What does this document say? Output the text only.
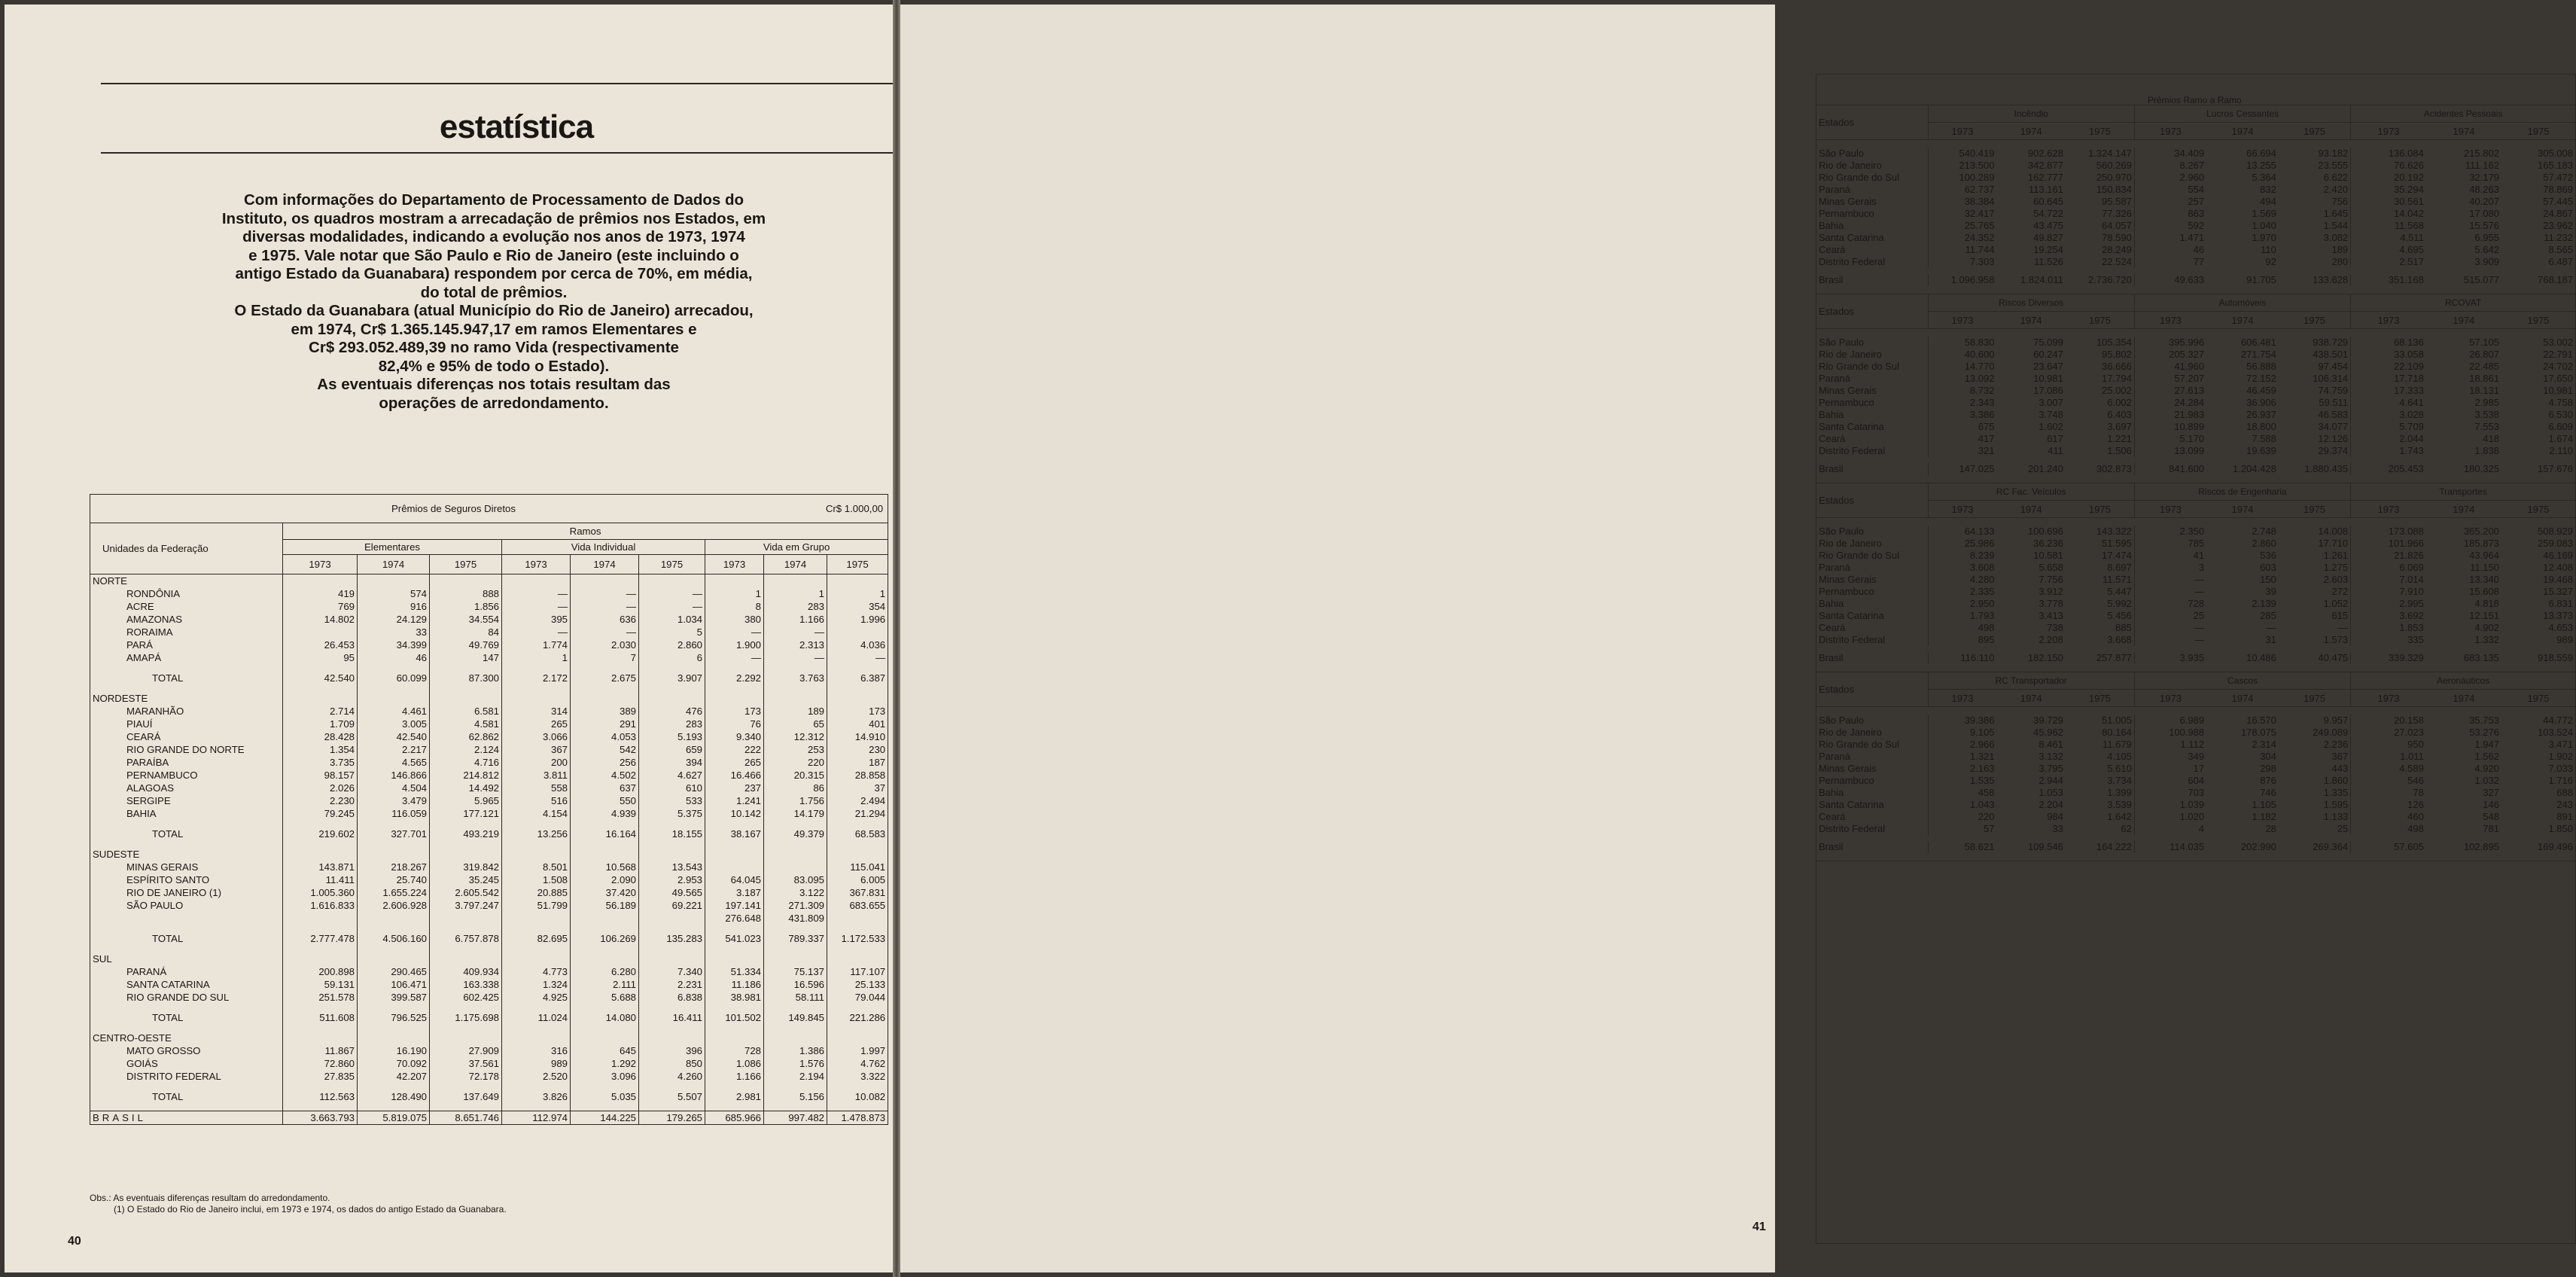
estatística
Com informações do Departamento de Processamento de Dados do
Instituto, os quadros mostram a arrecadação de prêmios nos Estados, em
diversas modalidades, indicando a evolução nos anos de 1973, 1974
e 1975. Vale notar que São Paulo e Rio de Janeiro (este incluindo o
antigo Estado da Guanabara) respondem por cerca de 70%, em média,
do total de prêmios.
O Estado da Guanabara (atual Município do Rio de Janeiro) arrecadou,
em 1974, Cr$ 1.365.145.947,17 em ramos Elementares e
Cr$ 293.052.489,39 no ramo Vida (respectivamente
82,4% e 95% de todo o Estado).
As eventuais diferenças nos totais resultam das
operações de arredondamento.
Prêmios de Seguros Diretos Cr$ 1.000,00									

Unidades da Federação	Ramos								
	Elementares			Vida Individual			Vida em Grupo		
	1973	1974	1975	1973	1974	1975	1973	1974	1975
NORTE									
RONDÔNIA	419	574	888	—	—	—	1	1	1
ACRE	769	916	1.856	—	—	—	8	283	354
AMAZONAS	14.802	24.129	34.554	395	636	1.034	380	1.166	1.996
RORAIMA		33	84	—	—	5	—	—	
PARÁ	26.453	34.399	49.769	1.774	2.030	2.860	1.900	2.313	4.036
AMAPÁ	95	46	147	1	7	6	—	—	—

TOTAL	42.540	60.099	87.300	2.172	2.675	3.907	2.292	3.763	6.387

NORDESTE									
MARANHÃO	2.714	4.461	6.581	314	389	476	173	189	173
PIAUÍ	1.709	3.005	4.581	265	291	283	76	65	401
CEARÁ	28.428	42.540	62.862	3.066	4.053	5.193	9.340	12.312	14.910
RIO GRANDE DO NORTE	1.354	2.217	2.124	367	542	659	222	253	230
PARAÍBA	3.735	4.565	4.716	200	256	394	265	220	187
PERNAMBUCO	98.157	146.866	214.812	3.811	4.502	4.627	16.466	20.315	28.858
ALAGOAS	2.026	4.504	14.492	558	637	610	237	86	37
SERGIPE	2.230	3.479	5.965	516	550	533	1.241	1.756	2.494
BAHIA	79.245	116.059	177.121	4.154	4.939	5.375	10.142	14.179	21.294

TOTAL	219.602	327.701	493.219	13.256	16.164	18.155	38.167	49.379	68.583

SUDESTE									
MINAS GERAIS	143.871	218.267	319.842	8.501	10.568	13.543			115.041
ESPÍRITO SANTO	11.411	25.740	35.245	1.508	2.090	2.953	64.045	83.095	6.005
RIO DE JANEIRO (1)	1.005.360	1.655.224	2.605.542	20.885	37.420	49.565	3.187	3.122	367.831
SÃO PAULO	1.616.833	2.606.928	3.797.247	51.799	56.189	69.221	197.141	271.309	683.655
							276.648	431.809	

TOTAL	2.777.478	4.506.160	6.757.878	82.695	106.269	135.283	541.023	789.337	1.172.533

SUL									
PARANÁ	200.898	290.465	409.934	4.773	6.280	7.340	51.334	75.137	117.107
SANTA CATARINA	59.131	106.471	163.338	1.324	2.111	2.231	11.186	16.596	25.133
RIO GRANDE DO SUL	251.578	399.587	602.425	4.925	5.688	6.838	38.981	58.111	79.044

TOTAL	511.608	796.525	1.175.698	11.024	14.080	16.411	101.502	149.845	221.286

CENTRO-OESTE									
MATO GROSSO	11.867	16.190	27.909	316	645	396	728	1.386	1.997
GOIÁS	72.860	70.092	37.561	989	1.292	850	1.086	1.576	4.762
DISTRITO FEDERAL	27.835	42.207	72.178	2.520	3.096	4.260	1.166	2.194	3.322

TOTAL	112.563	128.490	137.649	3.826	5.035	5.507	2.981	5.156	10.082

BRASIL	3.663.793	5.819.075	8.651.746	112.974	144.225	179.265	685.966	997.482	1.478.873
Obs.: As eventuais diferenças resultam do arredondamento.
(1) O Estado do Rio de Janeiro inclui, em 1973 e 1974, os dados do antigo Estado da Guanabara.
40
Prêmios Ramo a Ramo
Estados	Incêndio			Lucros Cessantes			Acidentes Pessoais		
	1973	1974	1975	1973	1974	1975	1973	1974	1975

São Paulo	540.419	902.628	1.324.147	34.409	66.694	93.182	136.084	215.802	305.008
Rio de Janeiro	213.500	342.877	560.269	8.267	13.255	23.555	76.626	111.162	165.183
Rio Grande do Sul	100.289	162.777	250.970	2.960	5.364	6.622	20.192	32.179	57.472
Paraná	62.737	113.161	150.834	554	832	2.420	35.294	48.263	78.869
Minas Gerais	38.384	60.645	95.587	257	494	756	30.561	40.207	57.445
Pernambuco	32.417	54.722	77.326	863	1.569	1.645	14.042	17.080	24.867
Bahia	25.765	43.475	64.057	592	1.040	1.544	11.568	15.576	23.962
Santa Catarina	24.352	49.827	78.590	1.471	1.970	3.082	4.511	6.955	11.232
Ceará	11.744	19.254	28.249	46	110	189	4.695	5.642	8.565
Distrito Federal	7.303	11.526	22.524	77	92	280	2.517	3.909	6.487

Brasil	1.096.958	1.824.011	2.736.720	49.633	91.705	133.628	351.168	515.077	768.187

Estados	Riscos Diversos			Automóveis			RCOVAT		
	1973	1974	1975	1973	1974	1975	1973	1974	1975

São Paulo	58.830	75.099	105.354	395.996	606.481	938.729	68.136	57.105	53.002
Rio de Janeiro	40.600	60.247	95.802	205.327	271.754	438.501	33.058	26.807	22.791
Rio Grande do Sul	14.770	23.647	36.666	41.960	56.888	97.454	22.109	22.485	24.702
Paraná	13.092	10.981	17.794	57.207	72.152	106.314	17.718	18.861	17.650
Minas Gerais	8.732	17.086	25.002	27.613	46.459	74.759	17.333	18.131	10.981
Pernambuco	2.343	3.007	6.002	24.284	36.906	59.511	4.641	2.985	4.758
Bahia	3.386	3.748	6.403	21.983	26.937	46.583	3.028	3.538	6.530
Santa Catarina	675	1.602	3.697	10.899	18.800	34.077	5.709	7.553	6.609
Ceará	417	617	1.221	5.170	7.588	12.126	2.044	418	1.674
Distrito Federal	321	411	1.506	13.099	19.639	29.374	1.743	1.838	2.110

Brasil	147.025	201.240	302.873	841.600	1.204.428	1.880.435	205.453	180.325	157.676

Estados	RC Fac. Veículos			Riscos de Engenharia			Transportes		
	1973	1974	1975	1973	1974	1975	1973	1974	1975

São Paulo	64.133	100.696	143.322	2.350	2.748	14.008	173.088	365.200	508.929
Rio de Janeiro	25.986	36.236	51.595	785	2.860	17.710	101.966	185.873	259.083
Rio Grande do Sul	8.239	10.581	17.474	41	536	1.261	21.826	43.964	46.169
Paraná	3.608	5.658	8.697	3	603	1.275	6.069	11.150	12.408
Minas Gerais	4.280	7.756	11.571	—	150	2.603	7.014	13.340	19.468
Pernambuco	2.335	3.912	5.447	—	39	272	7.910	15.608	15.327
Bahia	2.950	3.778	5.992	728	2.139	1.052	2.995	4.818	6.831
Santa Catarina	1.793	3.413	5.456	25	285	615	3.692	12.151	13.373
Ceará	498	738	885	—	—	—	1.853	4.902	4.653
Distrito Federal	895	2.208	3.668	—	31	1.573	335	1.332	989

Brasil	116.110	182.150	257.877	3.935	10.486	40.475	339.329	683.135	918.559

Estados	RC Transportador			Cascos			Aeronáuticos		
	1973	1974	1975	1973	1974	1975	1973	1974	1975

São Paulo	39.386	39.729	51.005	6.989	16.570	9.957	20.158	35.753	44.772
Rio de Janeiro	9.105	45.962	80.164	100.988	178.075	249.089	27.023	53.276	103.524
Rio Grande do Sul	2.966	8.461	11.679	1.112	2.314	2.236	950	1.947	3.471
Paraná	1.321	3.132	4.105	349	304	367	1.011	1.562	1.902
Minas Gerais	2.163	3.795	5.610	17	298	443	4.589	4.920	7.033
Pernambuco	1.535	2.944	3.734	604	876	1.860	546	1.032	1.716
Bahia	458	1.053	1.399	703	746	1.335	78	327	688
Santa Catarina	1.043	2.204	3.539	1.039	1.105	1.595	126	146	243
Ceará	220	984	1.642	1.020	1.182	1.133	460	548	891
Distrito Federal	57	33	62	4	28	25	498	781	1.850

Brasil	58.621	109.546	164.222	114.035	202.990	269.364	57.605	102.895	169.496

41
